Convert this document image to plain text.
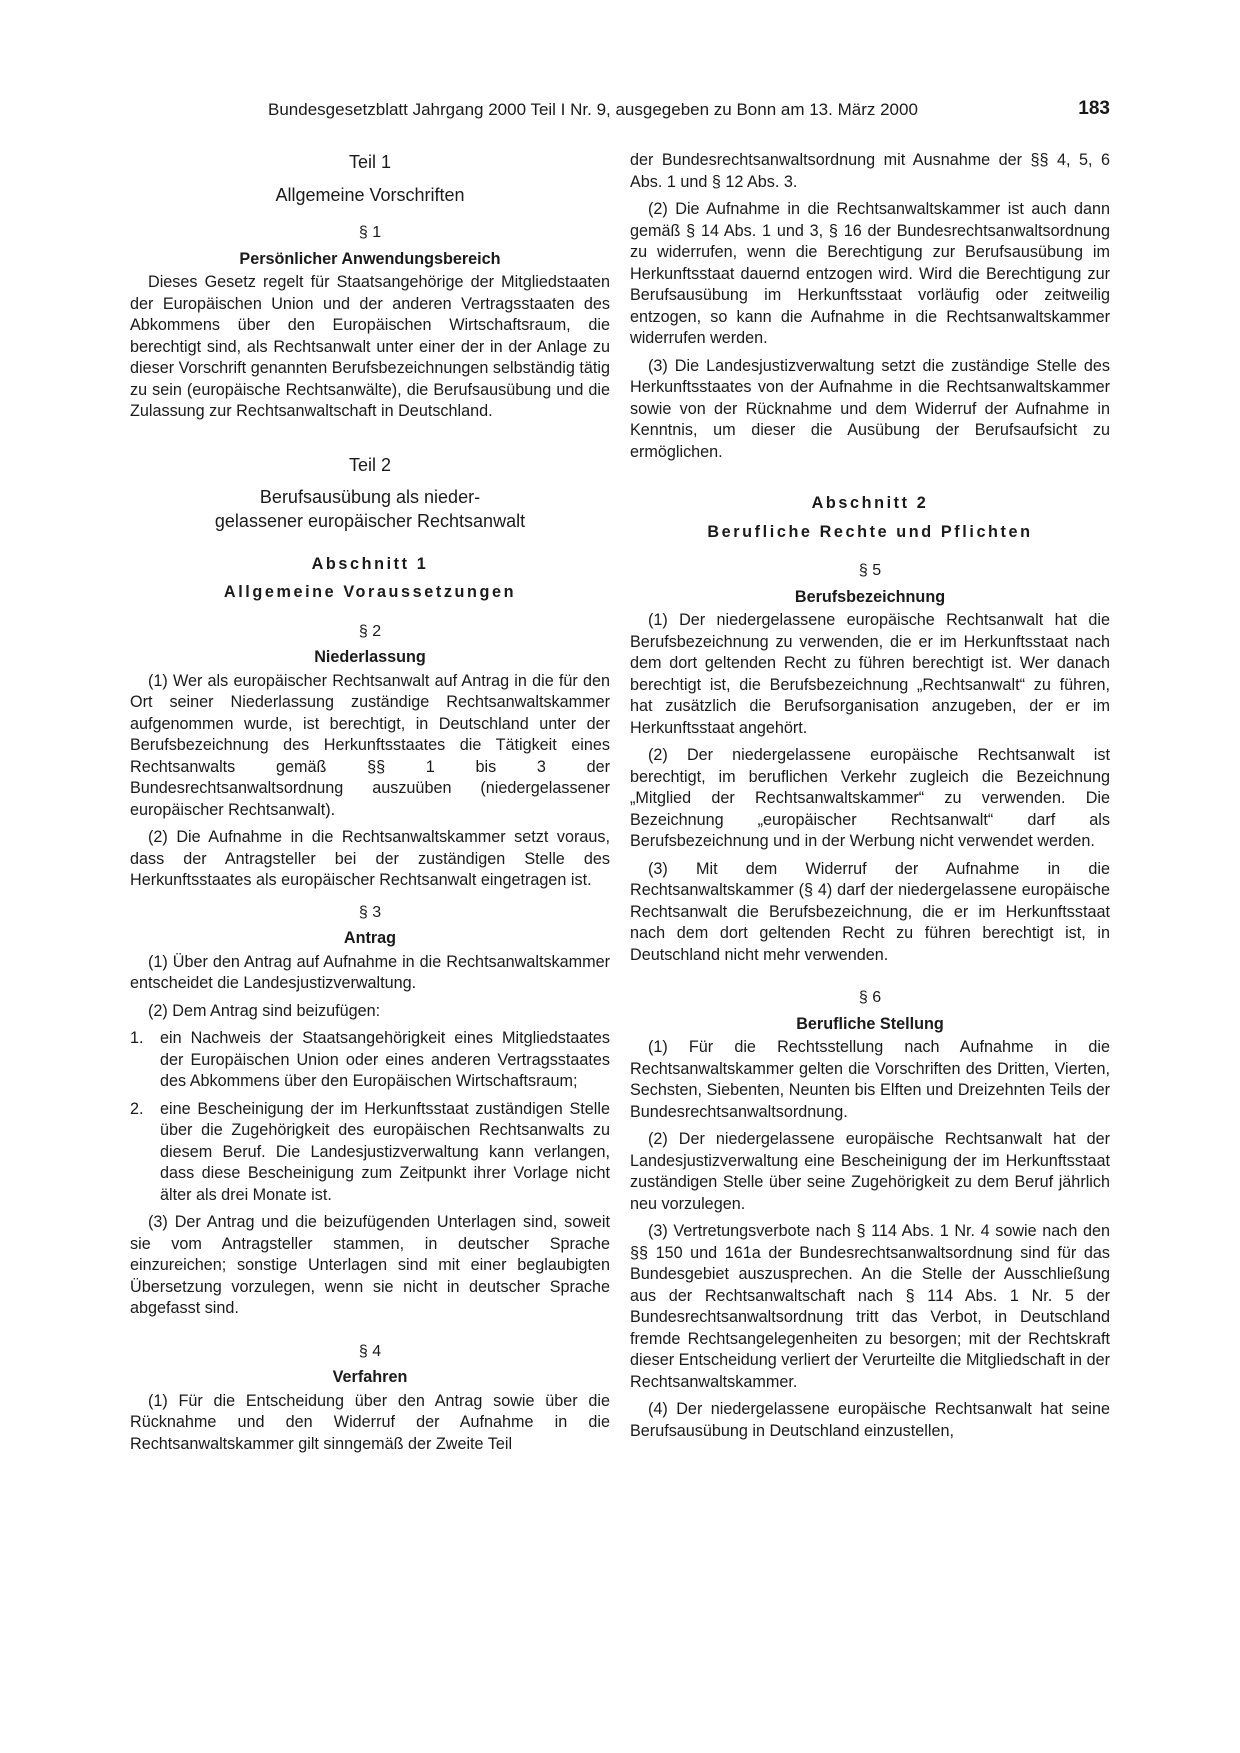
Bundesgesetzblatt Jahrgang 2000 Teil I Nr. 9, ausgegeben zu Bonn am 13. März 2000	183
Teil 1
Allgemeine Vorschriften
§ 1
Persönlicher Anwendungsbereich

Dieses Gesetz regelt für Staatsangehörige der Mitgliedstaaten der Europäischen Union und der anderen Vertragsstaaten des Abkommens über den Europäischen Wirtschaftsraum, die berechtigt sind, als Rechtsanwalt unter einer der in der Anlage zu dieser Vorschrift genannten Berufsbezeichnungen selbständig tätig zu sein (europäische Rechtsanwälte), die Berufsausübung und die Zulassung zur Rechtsanwaltschaft in Deutschland.

Teil 2
Berufsausübung als nieder-
gelassener europäischer Rechtsanwalt
Abschnitt 1
Allgemeine Voraussetzungen
§ 2
Niederlassung

(1) Wer als europäischer Rechtsanwalt auf Antrag in die für den Ort seiner Niederlassung zuständige Rechtsanwaltskammer aufgenommen wurde, ist berechtigt, in Deutschland unter der Berufsbezeichnung des Herkunftsstaates die Tätigkeit eines Rechtsanwalts gemäß §§ 1 bis 3 der Bundesrechtsanwaltsordnung auszuüben (niedergelassener europäischer Rechtsanwalt).

(2) Die Aufnahme in die Rechtsanwaltskammer setzt voraus, dass der Antragsteller bei der zuständigen Stelle des Herkunftsstaates als europäischer Rechtsanwalt eingetragen ist.

§ 3
Antrag

(1) Über den Antrag auf Aufnahme in die Rechtsanwaltskammer entscheidet die Landesjustizverwaltung.

(2) Dem Antrag sind beizufügen:

1. ein Nachweis der Staatsangehörigkeit eines Mitgliedstaates der Europäischen Union oder eines anderen Vertragsstaates des Abkommens über den Europäischen Wirtschaftsraum;
2. eine Bescheinigung der im Herkunftsstaat zuständigen Stelle über die Zugehörigkeit des europäischen Rechtsanwalts zu diesem Beruf. Die Landesjustizverwaltung kann verlangen, dass diese Bescheinigung zum Zeitpunkt ihrer Vorlage nicht älter als drei Monate ist.

(3) Der Antrag und die beizufügenden Unterlagen sind, soweit sie vom Antragsteller stammen, in deutscher Sprache einzureichen; sonstige Unterlagen sind mit einer beglaubigten Übersetzung vorzulegen, wenn sie nicht in deutscher Sprache abgefasst sind.

§ 4
Verfahren

(1) Für die Entscheidung über den Antrag sowie über die Rücknahme und den Widerruf der Aufnahme in die Rechtsanwaltskammer gilt sinngemäß der Zweite Teil

der Bundesrechtsanwaltsordnung mit Ausnahme der §§ 4, 5, 6 Abs. 1 und § 12 Abs. 3.

(2) Die Aufnahme in die Rechtsanwaltskammer ist auch dann gemäß § 14 Abs. 1 und 3, § 16 der Bundesrechtsanwaltsordnung zu widerrufen, wenn die Berechtigung zur Berufsausübung im Herkunftsstaat dauernd entzogen wird. Wird die Berechtigung zur Berufsausübung im Herkunftsstaat vorläufig oder zeitweilig entzogen, so kann die Aufnahme in die Rechtsanwaltskammer widerrufen werden.

(3) Die Landesjustizverwaltung setzt die zuständige Stelle des Herkunftsstaates von der Aufnahme in die Rechtsanwaltskammer sowie von der Rücknahme und dem Widerruf der Aufnahme in Kenntnis, um dieser die Ausübung der Berufsaufsicht zu ermöglichen.

Abschnitt 2
Berufliche Rechte und Pflichten
§ 5
Berufsbezeichnung

(1) Der niedergelassene europäische Rechtsanwalt hat die Berufsbezeichnung zu verwenden, die er im Herkunftsstaat nach dem dort geltenden Recht zu führen berechtigt ist. Wer danach berechtigt ist, die Berufsbezeichnung „Rechtsanwalt“ zu führen, hat zusätzlich die Berufsorganisation anzugeben, der er im Herkunftsstaat angehört.

(2) Der niedergelassene europäische Rechtsanwalt ist berechtigt, im beruflichen Verkehr zugleich die Bezeichnung „Mitglied der Rechtsanwaltskammer“ zu verwenden. Die Bezeichnung „europäischer Rechtsanwalt“ darf als Berufsbezeichnung und in der Werbung nicht verwendet werden.

(3) Mit dem Widerruf der Aufnahme in die Rechtsanwaltskammer (§ 4) darf der niedergelassene europäische Rechtsanwalt die Berufsbezeichnung, die er im Herkunftsstaat nach dem dort geltenden Recht zu führen berechtigt ist, in Deutschland nicht mehr verwenden.

§ 6
Berufliche Stellung

(1) Für die Rechtsstellung nach Aufnahme in die Rechtsanwaltskammer gelten die Vorschriften des Dritten, Vierten, Sechsten, Siebenten, Neunten bis Elften und Dreizehnten Teils der Bundesrechtsanwaltsordnung.

(2) Der niedergelassene europäische Rechtsanwalt hat der Landesjustizverwaltung eine Bescheinigung der im Herkunftsstaat zuständigen Stelle über seine Zugehörigkeit zu dem Beruf jährlich neu vorzulegen.

(3) Vertretungsverbote nach § 114 Abs. 1 Nr. 4 sowie nach den §§ 150 und 161a der Bundesrechtsanwaltsordnung sind für das Bundesgebiet auszusprechen. An die Stelle der Ausschließung aus der Rechtsanwaltschaft nach § 114 Abs. 1 Nr. 5 der Bundesrechtsanwaltsordnung tritt das Verbot, in Deutschland fremde Rechtsangelegenheiten zu besorgen; mit der Rechtskraft dieser Entscheidung verliert der Verurteilte die Mitgliedschaft in der Rechtsanwaltskammer.

(4) Der niedergelassene europäische Rechtsanwalt hat seine Berufsausübung in Deutschland einzustellen,
